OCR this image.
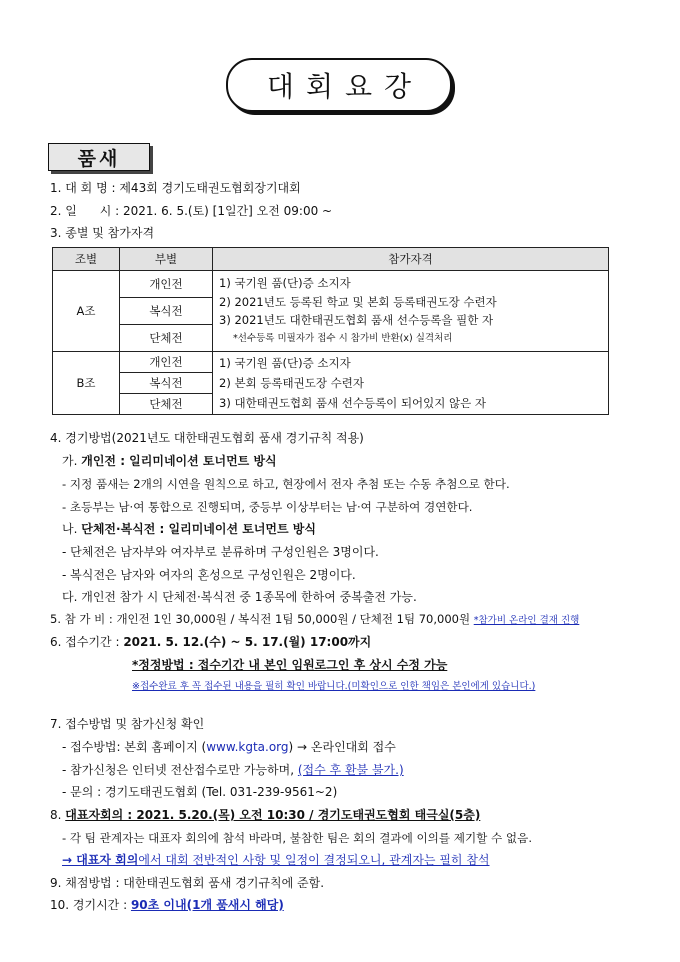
대회요강
품새
1. 대 회 명 : 제43회 경기도태권도협회장기대회
2. 일      시 : 2021. 6. 5.(토) [1일간] 오전 09:00 ~
3. 종별 및 참가자격
조별	부별	참가자격
A조	개인전	1) 국기원 품(단)증 소지자
2) 2021년도 등록된 학교 및 본회 등록태권도장 수련자
3) 2021년도 대한태권도협회 품새 선수등록을 필한 자
*선수등록 미필자가 접수 시 참가비 반환(x) 실격처리

	복식전	
	단체전	
B조	개인전	1) 국기원 품(단)증 소지자
2) 본회 등록태권도장 수련자
3) 대한태권도협회 품새 선수등록이 되어있지 않은 자

	복식전	
	단체전	
4. 경기방법(2021년도 대한태권도협회 품새 경기규칙 적용)
가. 개인전 : 일리미네이션 토너먼트 방식
- 지정 품새는 2개의 시연을 원칙으로 하고, 현장에서 전자 추첨 또는 수동 추첨으로 한다.
- 초등부는 남·여 통합으로 진행되며, 중등부 이상부터는 남·여 구분하여 경연한다.
나. 단체전·복식전 : 일리미네이션 토너먼트 방식
- 단체전은 남자부와 여자부로 분류하며 구성인원은 3명이다.
- 복식전은 남자와 여자의 혼성으로 구성인원은 2명이다.
다. 개인전 참가 시 단체전·복식전 중 1종목에 한하여 중복출전 가능.
5. 참 가 비 : 개인전 1인 30,000원 / 복식전 1팀 50,000원 / 단체전 1팀 70,000원 *참가비 온라인 결재 진행
6. 접수기간 : 2021. 5. 12.(수) ~ 5. 17.(월) 17:00까지
*정정방법 : 접수기간 내 본인 임원로그인 후 상시 수정 가능
※접수완료 후 꼭 접수된 내용을 필히 확인 바랍니다.(미확인으로 인한 책임은 본인에게 있습니다.)
7. 접수방법 및 참가신청 확인
- 접수방법: 본회 홈페이지 (www.kgta.org) → 온라인대회 접수
- 참가신청은 인터넷 전산접수로만 가능하며, (접수 후 환불 불가.)
- 문의 : 경기도태권도협회 (Tel. 031-239-9561~2)
8. 대표자회의 : 2021. 5.20.(목) 오전 10:30 / 경기도태권도협회 태극실(5층)
- 각 팀 관계자는 대표자 회의에 참석 바라며, 불참한 팀은 회의 결과에 이의를 제기할 수 없음.
→ 대표자 회의에서 대회 전반적인 사항 및 일정이 결정되오니, 관계자는 필히 참석
9. 채점방법 : 대한태권도협회 품새 경기규칙에 준함.
10. 경기시간 : 90초 이내(1개 품새시 해당)
